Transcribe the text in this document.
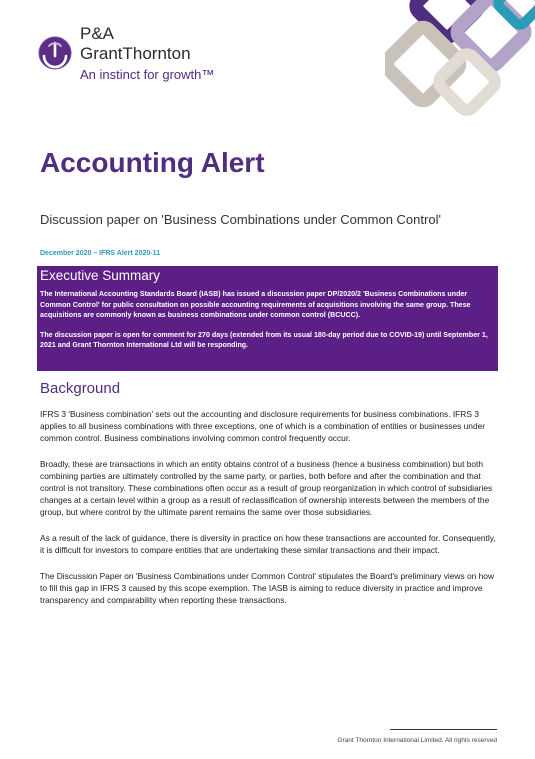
P&A
GrantThornton
An instinct for growth™
Accounting Alert
Discussion paper on 'Business Combinations under Common Control'
December 2020 – IFRS Alert 2020-11
Executive Summary

The International Accounting Standards Board (IASB) has issued a discussion paper DP/2020/2 'Business Combinations under Common Control' for public consultation on possible accounting requirements of acquisitions involving the same group. These acquisitions are commonly known as business combinations under common control (BCUCC).

The discussion paper is open for comment for 270 days (extended from its usual 180-day period due to COVID-19) until September 1, 2021 and Grant Thornton International Ltd will be responding.

Background

IFRS 3 'Business combination' sets out the accounting and disclosure requirements for business combinations. IFRS 3 applies to all business combinations with three exceptions, one of which is a combination of entities or businesses under common control. Business combinations involving common control frequently occur.

Broadly, these are transactions in which an entity obtains control of a business (hence a business combination) but both combining parties are ultimately controlled by the same party, or parties, both before and after the combination and that control is not transitory. These combinations often occur as a result of group reorganization in which control of subsidiaries changes at a certain level within a group as a result of reclassification of ownership interests between the members of the group, but where control by the ultimate parent remains the same over those subsidiaries.

As a result of the lack of guidance, there is diversity in practice on how these transactions are accounted for. Consequently, it is difficult for investors to compare entities that are undertaking these similar transactions and their impact.

The Discussion Paper on 'Business Combinations under Common Control' stipulates the Board's preliminary views on how to fill this gap in IFRS 3 caused by this scope exemption. The IASB is aiming to reduce diversity in practice and improve transparency and comparability when reporting these transactions.

Grant Thornton International Limited. All rights reserved
